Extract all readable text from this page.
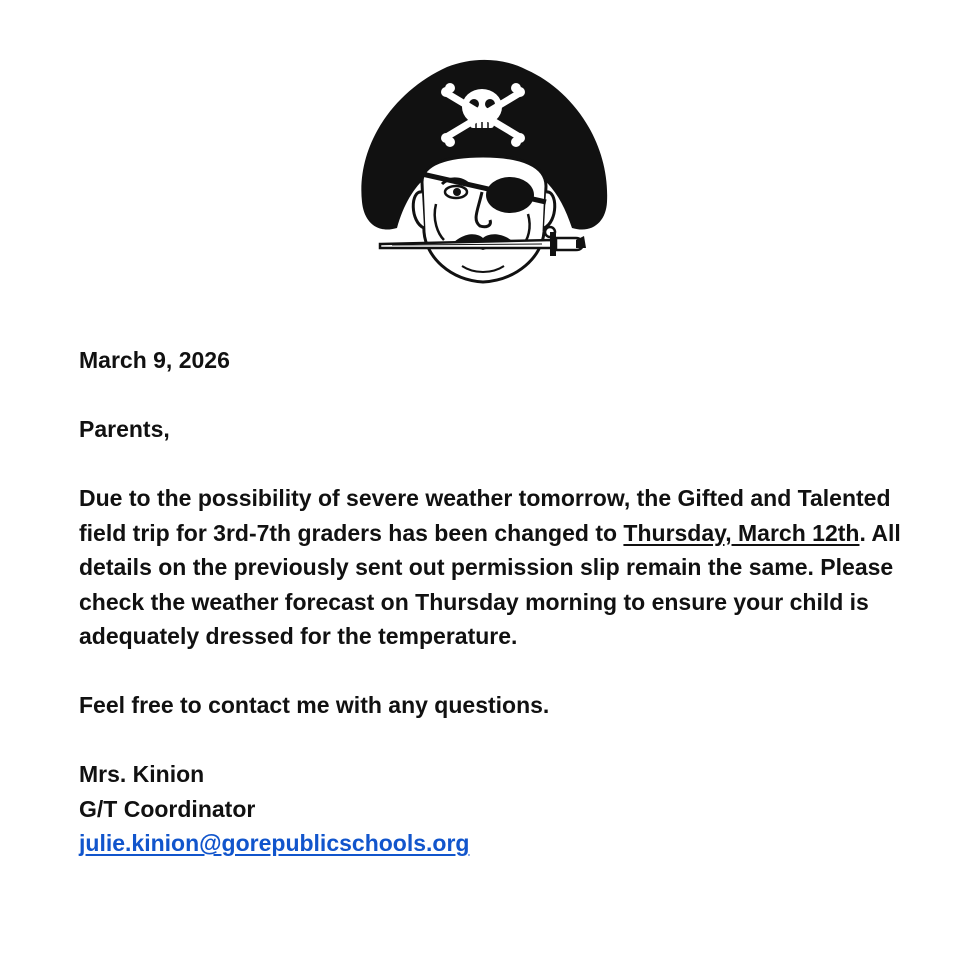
March 9, 2026

Parents,

Due to the possibility of severe weather tomorrow, the Gifted and Talented field trip for 3rd-7th graders has been changed to Thursday, March 12th. All details on the previously sent out permission slip remain the same. Please check the weather forecast on Thursday morning to ensure your child is adequately dressed for the temperature.

Feel free to contact me with any questions.

Mrs. Kinion

G/T Coordinator

julie.kinion@gorepublicschools.org
